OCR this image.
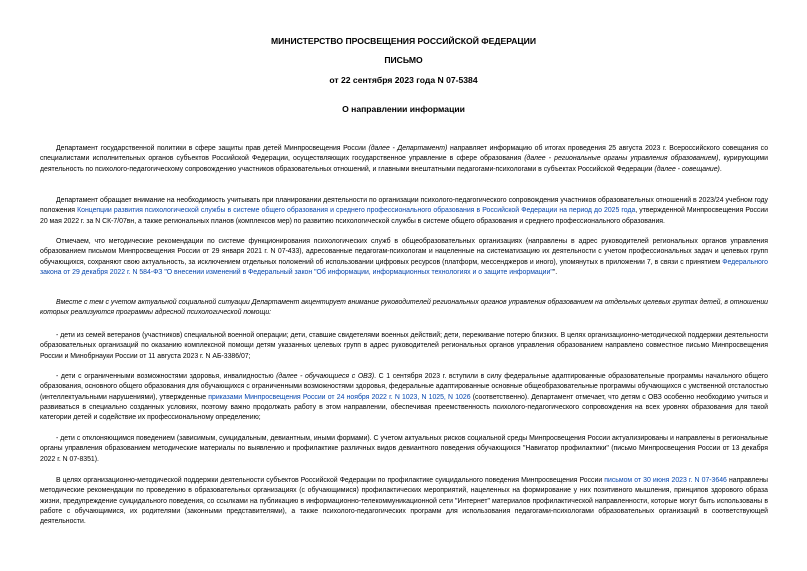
МИНИСТЕРСТВО ПРОСВЕЩЕНИЯ РОССИЙСКОЙ ФЕДЕРАЦИИ

ПИСЬМО

от 22 сентября 2023 года N 07-5384

О направлении информации

Департамент государственной политики в сфере защиты прав детей Минпросвещения России (далее - Департамент) направляет информацию об итогах проведения 25 августа 2023 г. Всероссийского совещания со специалистами исполнительных органов субъектов Российской Федерации, осуществляющих государственное управление в сфере образования (далее - региональные органы управления образованием), курирующими деятельность по психолого-педагогическому сопровождению участников образовательных отношений, и главными внештатными педагогами-психологами в субъектах Российской Федерации (далее - совещание).

Департамент обращает внимание на необходимость учитывать при планировании деятельности по организации психолого-педагогического сопровождения участников образовательных отношений в 2023/24 учебном году положения Концепции развития психологической службы в системе общего образования и среднего профессионального образования в Российской Федерации на период до 2025 года, утвержденной Минпросвещения России 20 мая 2022 г. за N СК-7/07вн, а также региональных планов (комплексов мер) по развитию психологической службы в системе общего образования и среднего профессионального образования.

Отмечаем, что методические рекомендации по системе функционирования психологических служб в общеобразовательных организациях (направлены в адрес руководителей региональных органов управления образованием письмом Минпросвещения России от 29 января 2021 г. N 07-433), адресованные педагогам-психологам и нацеленные на систематизацию их деятельности с учетом профессиональных задач и целевых групп обучающихся, сохраняют свою актуальность, за исключением отдельных положений об использовании цифровых ресурсов (платформ, мессенджеров и иного), упомянутых в приложении 7, в связи с принятием Федерального закона от 29 декабря 2022 г. N 584-ФЗ "О внесении изменений в Федеральный закон "Об информации, информационных технологиях и о защите информации"".

Вместе с тем с учетом актуальной социальной ситуации Департамент акцентирует внимание руководителей региональных органов управления образованием на отдельных целевых группах детей, в отношении которых реализуются программы адресной психологической помощи:

- дети из семей ветеранов (участников) специальной военной операции; дети, ставшие свидетелями военных действий; дети, переживание потерю близких. В целях организационно-методической поддержки деятельности образовательных организаций по оказанию комплексной помощи детям указанных целевых групп в адрес руководителей региональных органов управления образованием направлено совместное письмо Минпросвещения России и Минобрнауки России от 11 августа 2023 г. N АБ-3386/07;

- дети с ограниченными возможностями здоровья, инвалидностью (далее - обучающиеся с ОВЗ). С 1 сентября 2023 г. вступили в силу федеральные адаптированные образовательные программы начального общего образования, основного общего образования для обучающихся с ограниченными возможностями здоровья, федеральные адаптированные основные общеобразовательные программы обучающихся с умственной отсталостью (интеллектуальными нарушениями), утвержденные приказами Минпросвещения России от 24 ноября 2022 г. N 1023, N 1025, N 1026 (соответственно). Департамент отмечает, что детям с ОВЗ особенно необходимо учиться и развиваться в специально созданных условиях, поэтому важно продолжать работу в этом направлении, обеспечивая преемственность психолого-педагогического сопровождения на всех уровнях образования для такой категории детей и содействие их профессиональному определению;

- дети с отклоняющимся поведением (зависимым, суицидальным, девиантным, иными формами). С учетом актуальных рисков социальной среды Минпросвещения России актуализированы и направлены в региональные органы управления образованием методические материалы по выявлению и профилактике различных видов девиантного поведения обучающихся "Навигатор профилактики" (письмо Минпросвещения России от 13 декабря 2022 г. N 07-8351).

В целях организационно-методической поддержки деятельности субъектов Российской Федерации по профилактике суицидального поведения Минпросвещения России письмом от 30 июня 2023 г. N 07-3646 направлены методические рекомендации по проведению в образовательных организациях (с обучающимися) профилактических мероприятий, нацеленных на формирование у них позитивного мышления, принципов здорового образа жизни, предупреждение суицидального поведения, со ссылками на публикацию в информационно-телекоммуникационной сети "Интернет" материалов профилактической направленности, которые могут быть использованы в работе с обучающимися, их родителями (законными представителями), а также психолого-педагогических программ для использования педагогами-психологами образовательных организаций в соответствующей деятельности.
